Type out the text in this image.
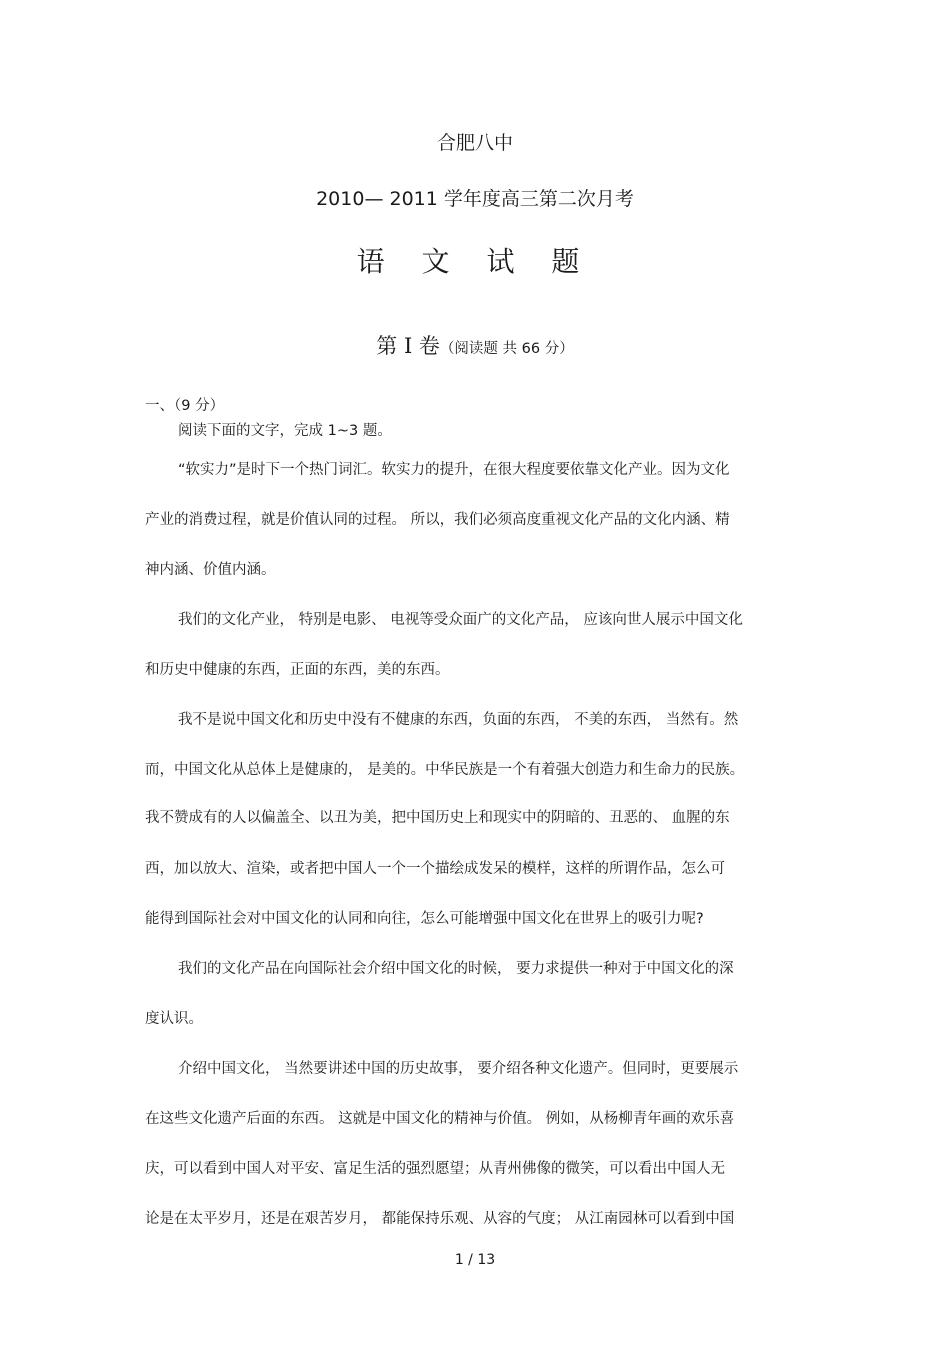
合肥八中
2010— 2011 学年度高三第二次月考
语 文 试 题
第 I 卷（阅读题 共 66 分）
一、（9 分）
阅读下面的文字，完成 1~3 题。
“软实力”是时下一个热门词汇。软实力的提升，在很大程度要依靠文化产业。因为文化
产业的消费过程，就是价值认同的过程。 所以，我们必须高度重视文化产品的文化内涵、精
神内涵、价值内涵。
我们的文化产业， 特别是电影、 电视等受众面广的文化产品， 应该向世人展示中国文化
和历史中健康的东西，正面的东西，美的东西。
我不是说中国文化和历史中没有不健康的东西，负面的东西， 不美的东西， 当然有。然
而，中国文化从总体上是健康的， 是美的。中华民族是一个有着强大创造力和生命力的民族。
我不赞成有的人以偏盖全、以丑为美，把中国历史上和现实中的阴暗的、丑恶的、 血腥的东
西，加以放大、渲染，或者把中国人一个一个描绘成发呆的模样，这样的所谓作品，怎么可
能得到国际社会对中国文化的认同和向往，怎么可能增强中国文化在世界上的吸引力呢?
我们的文化产品在向国际社会介绍中国文化的时候， 要力求提供一种对于中国文化的深
度认识。
介绍中国文化， 当然要讲述中国的历史故事， 要介绍各种文化遗产。但同时，更要展示
在这些文化遗产后面的东西。 这就是中国文化的精神与价值。 例如，从杨柳青年画的欢乐喜
庆，可以看到中国人对平安、富足生活的强烈愿望；从青州佛像的微笑，可以看出中国人无
论是在太平岁月，还是在艰苦岁月， 都能保持乐观、从容的气度； 从江南园林可以看到中国
1 / 13
